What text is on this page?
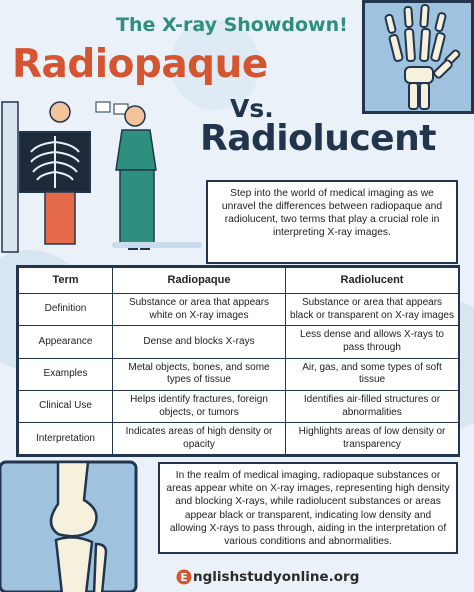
The X-ray Showdown!
Radiopaque
Vs.
Radiolucent
Step into the world of medical imaging as we unravel the differences between radiopaque and radiolucent, two terms that play a crucial role in interpreting X-ray images.
Term	Radiopaque	Radiolucent
Definition	Substance or area that appears white on X-ray images	Substance or area that appears black or transparent on X-ray images
Appearance	Dense and blocks X-rays	Less dense and allows X-rays to pass through
Examples	Metal objects, bones, and some types of tissue	Air, gas, and some types of soft tissue
Clinical Use	Helps identify fractures, foreign objects, or tumors	Identifies air-filled structures or abnormalities
Interpretation	Indicates areas of high density or opacity	Highlights areas of low density or transparency
In the realm of medical imaging, radiopaque substances or areas appear white on X-ray images, representing high density and blocking X-rays, while radiolucent substances or areas appear black or transparent, indicating low density and allowing X-rays to pass through, aiding in the interpretation of various conditions and abnormalities.
E nglishstudyonline.org
